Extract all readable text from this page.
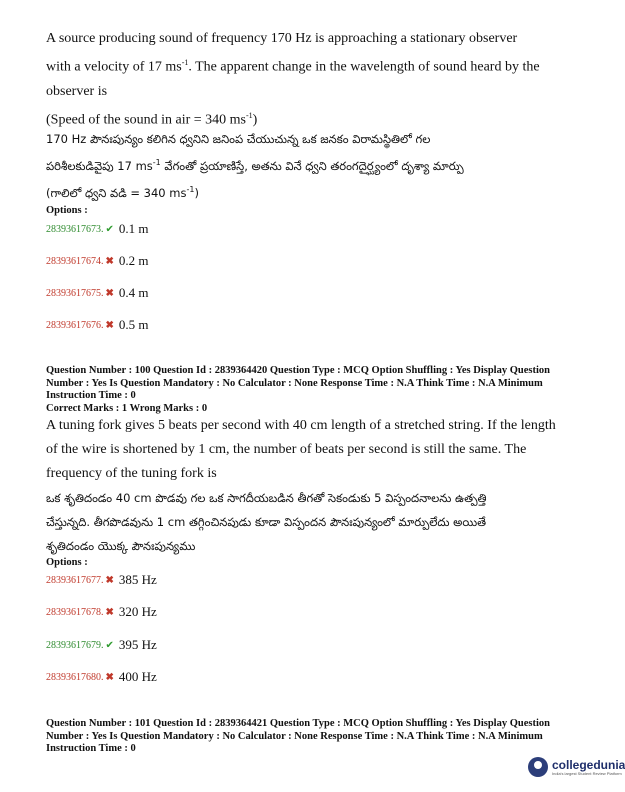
A source producing sound of frequency 170 Hz is approaching a stationary observer

with a velocity of 17 $ms^{-1}$. The apparent change in the wavelength of sound heard by the

observer is

(Speed of the sound in air = 340 $ms^{-1}$)

170 Hz పౌనఃపున్యం కలిగిన ధ్వనిని జనింప చేయుచున్న ఒక జనకం విరామస్థితిలో గల

పరిశీలకుడివైపు 17 $ms^{-1}$ వేగంతో ప్రయాణిస్తే, అతను వినే ధ్వని తరంగదైర్ఘ్యంలో దృశ్యా మార్పు

(గాలిలో ధ్వని వడి = 340 $ms^{-1}$)

Options :

28393617673. ✔ 0.1 m
28393617674. ✖ 0.2 m
28393617675. ✖ 0.4 m
28393617676. ✖ 0.5 m

Question Number : 100 Question Id : 2839364420 Question Type : MCQ Option Shuffling : Yes Display Question

Number : Yes Is Question Mandatory : No Calculator : None Response Time : N.A Think Time : N.A Minimum

Instruction Time : 0

Correct Marks : 1 Wrong Marks : 0

A tuning fork gives 5 beats per second with 40 cm length of a stretched string. If the length

of the wire is shortened by 1 cm, the number of beats per second is still the same. The

frequency of the tuning fork is

ఒక శృతిదండం 40 cm పొడవు గల ఒక సాగదీయబడిన తీగతో సెకండుకు 5 విస్పందనాలను ఉత్పత్తి

చేస్తున్నది. తీగపొడవును 1 cm తగ్గించినపుడు కూడా విస్పందన పౌనఃపున్యంలో మార్పులేదు అయితే

శృతిదండం యొక్క పౌనఃపున్యము

Options :

28393617677. ✖ 385 Hz
28393617678. ✖ 320 Hz
28393617679. ✔ 395 Hz
28393617680. ✖ 400 Hz

Question Number : 101 Question Id : 2839364421 Question Type : MCQ Option Shuffling : Yes Display Question

Number : Yes Is Question Mandatory : No Calculator : None Response Time : N.A Think Time : N.A Minimum

Instruction Time : 0

collegedunia
India's largest Student Review Platform
